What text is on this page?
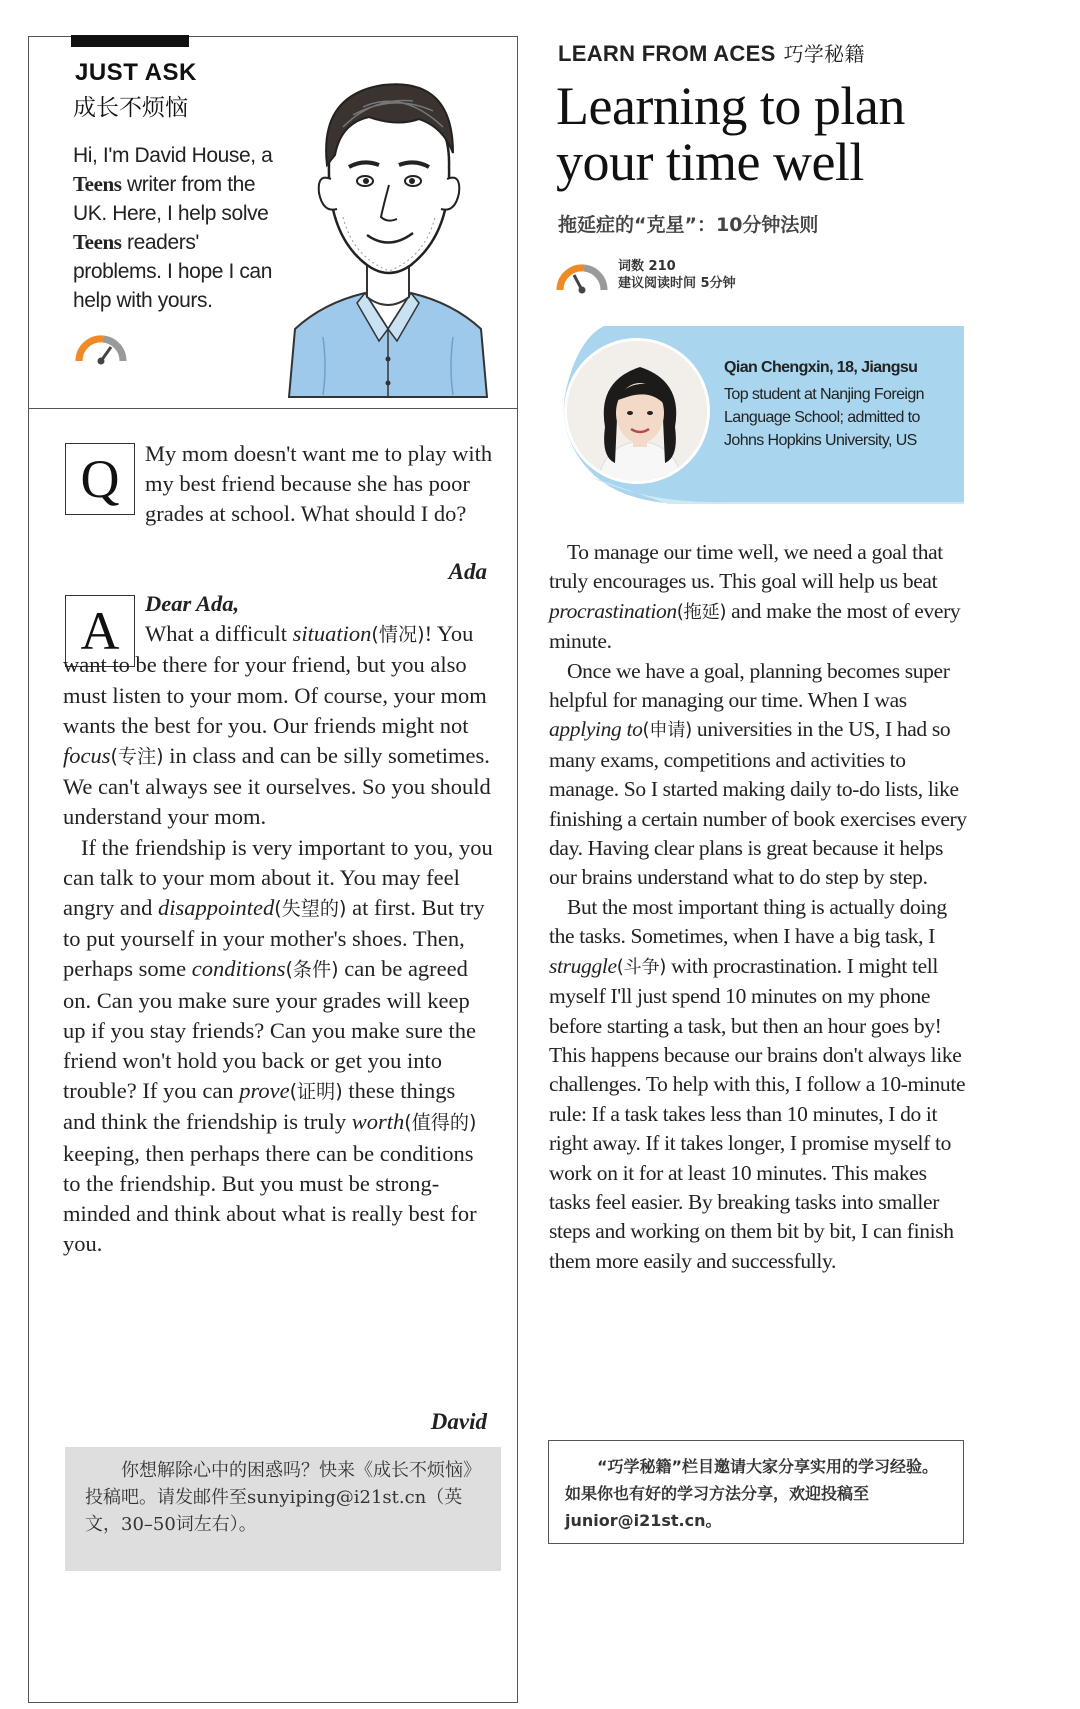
JUST ASK
成长不烦恼
Hi, I'm David House, a Teens writer from the UK. Here, I help solve Teens readers' problems. I hope I can help with yours.
Q	My mom doesn't want me to play with my best friend because she has poor grades at school. What should I do?
Ada
A	Dear Ada,

What a difficult situation(情况)! You want to be there for your friend, but you also must listen to your mom. Of course, your mom wants the best for you. Our friends might not focus(专注) in class and can be silly sometimes. We can't always see it ourselves. So you should understand your mom.

If the friendship is very important to you, you can talk to your mom about it. You may feel angry and disappointed(失望的) at first. But try to put yourself in your mother's shoes. Then, perhaps some conditions(条件) can be agreed on. Can you make sure your grades will keep up if you stay friends? Can you make sure the friend won't hold you back or get you into trouble? If you can prove(证明) these things and think the friendship is truly worth(值得的) keeping, then perhaps there can be conditions to the friendship. But you must be strong-minded and think about what is really best for you.

David

你想解除心中的困惑吗？快来《成长不烦恼》投稿吧。请发邮件至sunyiping@i21st.cn（英文，30–50词左右）。

LEARN FROM ACES 巧学秘籍
Learning to plan your time well
拖延症的“克星”：10分钟法则
词数 210
建议阅读时间 5分钟
Qian Chengxin, 18, Jiangsu
Top student at Nanjing Foreign Language School; admitted to Johns Hopkins University, US

To manage our time well, we need a goal that truly encourages us. This goal will help us beat procrastination(拖延) and make the most of every minute.

Once we have a goal, planning becomes super helpful for managing our time. When I was applying to(申请) universities in the US, I had so many exams, competitions and activities to manage. So I started making daily to-do lists, like finishing a certain number of book exercises every day. Having clear plans is great because it helps our brains understand what to do step by step.

But the most important thing is actually doing the tasks. Sometimes, when I have a big task, I struggle(斗争) with procrastination. I might tell myself I'll just spend 10 minutes on my phone before starting a task, but then an hour goes by! This happens because our brains don't always like challenges. To help with this, I follow a 10-minute rule: If a task takes less than 10 minutes, I do it right away. If it takes longer, I promise myself to work on it for at least 10 minutes. This makes tasks feel easier. By breaking tasks into smaller steps and working on them bit by bit, I can finish them more easily and successfully.

“巧学秘籍”栏目邀请大家分享实用的学习经验。如果你也有好的学习方法分享，欢迎投稿至junior@i21st.cn。
